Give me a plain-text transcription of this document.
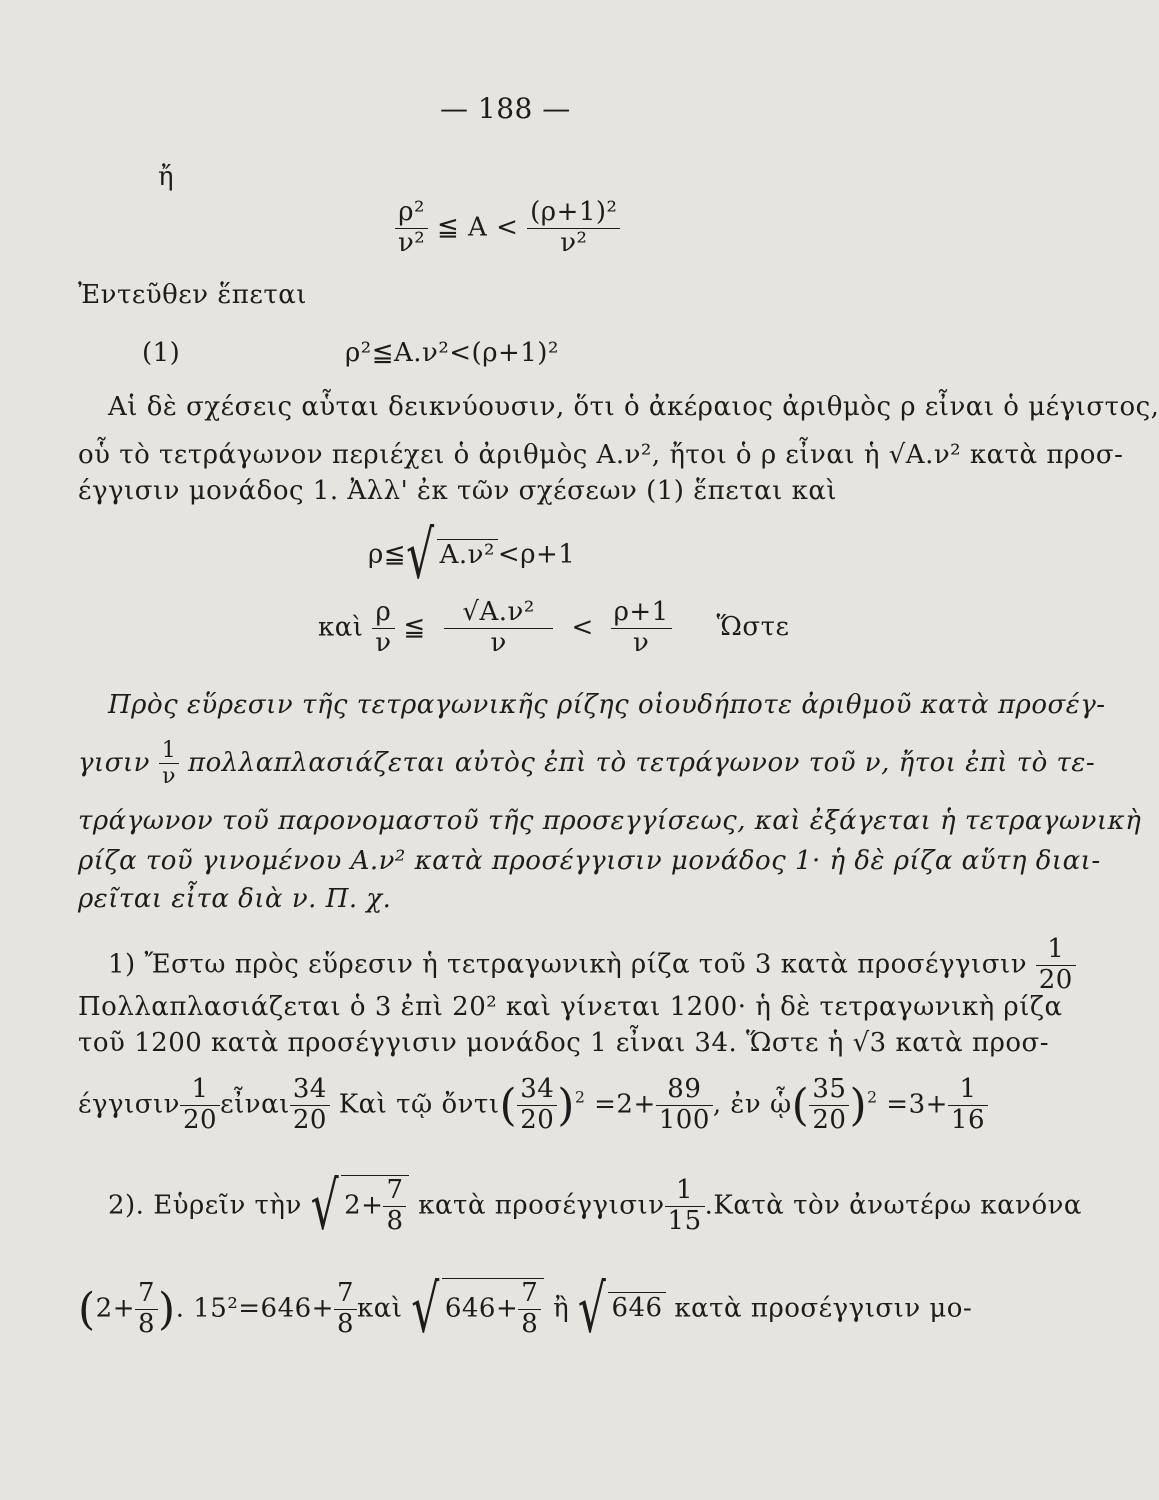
— 188 —
ἤ
$\frac{\text{ρ²}}{\text{ν²}}$ ≦ $A < \frac{\text{(ρ+1)²}}{\text{ν²}}$
Ἐντεῦθεν ἕπεται
(1)	ρ²≦A.ν²<(ρ+1)²
Αἱ δὲ σχέσεις αὗται δεικνύουσιν, ὅτι ὁ ἀκέραιος ἀριθμὸς ρ εἶναι ὁ μέγιστος,
οὗ τὸ τετράγωνον περιέχει ὁ ἀριθμὸς A.ν², ἤτοι ὁ ρ εἶναι ἡ √A.ν² κατὰ προσ-
έγγισιν μονάδος 1. Ἀλλ' ἐκ τῶν σχέσεων (1) ἕπεται καὶ
ρ≦√ A.ν² <ρ+1
καὶ $\frac{\rho}{\nu}$ ≦ $\frac{\text{√A.ν²}}{\nu} < \frac{\rho+1}{\nu}$ Ὥστε
Πρὸς εὕρεσιν τῆς τετραγωνικῆς ρίζης οἱουδήποτε ἀριθμοῦ κατὰ προσέγ-
γισιν $\frac{1}{\nu}$ πολλαπλασιάζεται αὐτὸς ἐπὶ τὸ τετράγωνον τοῦ ν, ἤτοι ἐπὶ τὸ τε-
τράγωνον τοῦ παρονομαστοῦ τῆς προσεγγίσεως, καὶ ἐξάγεται ἡ τετραγωνικὴ
ρίζα τοῦ γινομένου A.ν² κατὰ προσέγγισιν μονάδος 1· ἡ δὲ ρίζα αὕτη διαι-
ρεῖται εἶτα διὰ ν. Π. χ.
1) Ἔστω πρὸς εὕρεσιν ἡ τετραγωνικὴ ρίζα τοῦ 3 κατὰ προσέγγισιν $\frac{1}{20}$
Πολλαπλασιάζεται ὁ 3 ἐπὶ 20² καὶ γίνεται 1200· ἡ δὲ τετραγωνικὴ ρίζα
τοῦ 1200 κατὰ προσέγγισιν μονάδος 1 εἶναι 34. Ὥστε ἡ √3 κατὰ προσ-
έγγισιν $\frac{1}{20}$ εἶναι $\frac{34}{20}$ Καὶ τῷ ὄντι( $\frac{34}{20} )^2 =2+ \frac{89}{100}$ , ἐν ᾧ( $\frac{35}{20} )^2 =3+ \frac{1}{16}$
2). Εὑρεῖν τὴν √ $2+ \frac{7}{8}$ κατὰ προσέγγισιν $\frac{1}{15}$ .Κατὰ τὸν ἀνωτέρω κανόνα
($2+ \frac{7}{8}$ ). $15^2=646+ \frac{7}{8}$ καὶ √ $646+ \frac{7}{8}$ ἢ √ 646 κατὰ προσέγγισιν μο-
